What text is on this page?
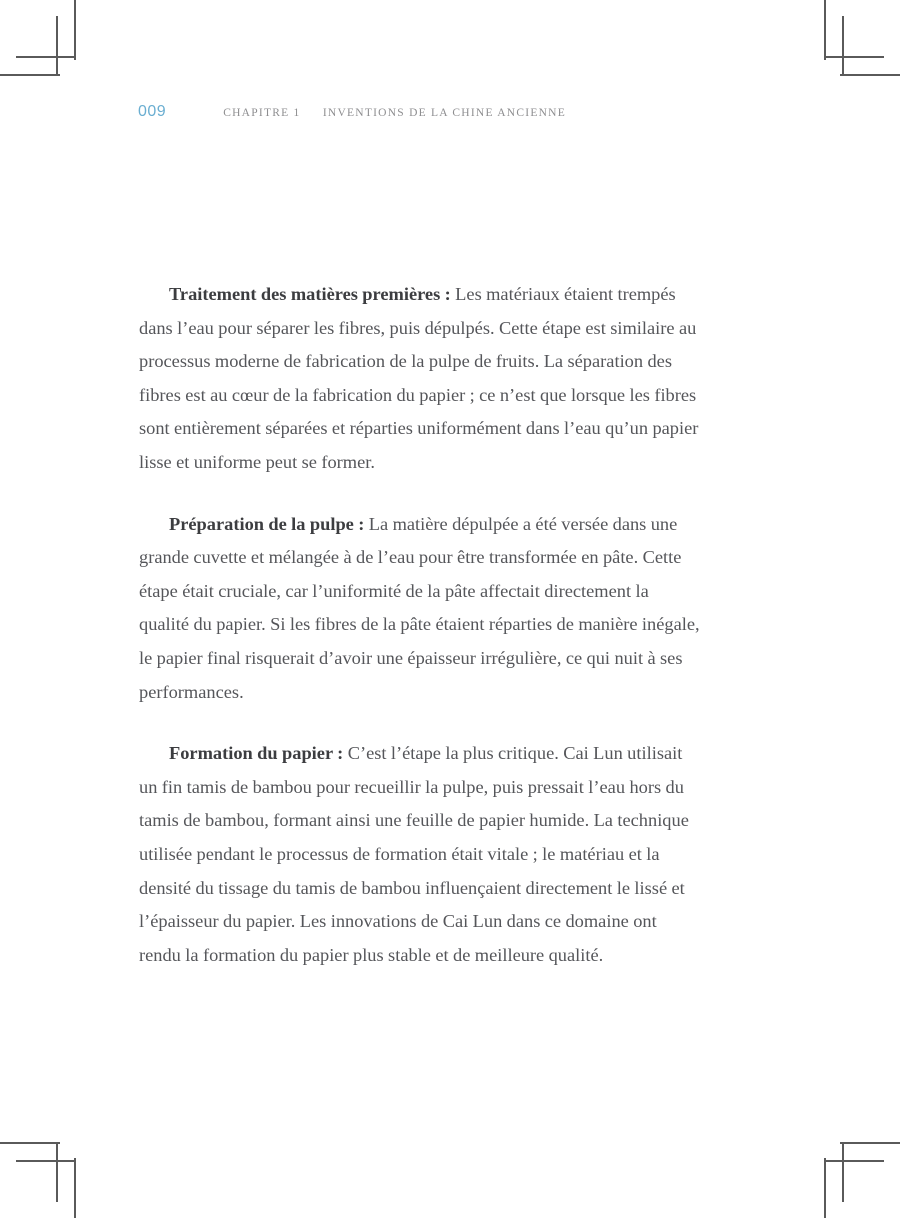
009	CHAPITRE 1 INVENTIONS DE LA CHINE ANCIENNE

Traitement des matières premières : Les matériaux étaient trempés dans l’eau pour séparer les fibres, puis dépulpés. Cette étape est similaire au processus moderne de fabrication de la pulpe de fruits. La séparation des fibres est au cœur de la fabrication du papier ; ce n’est que lorsque les fibres sont entièrement séparées et réparties uniformément dans l’eau qu’un papier lisse et uniforme peut se former.

Préparation de la pulpe : La matière dépulpée a été versée dans une grande cuvette et mélangée à de l’eau pour être transformée en pâte. Cette étape était cruciale, car l’uniformité de la pâte affectait directement la qualité du papier. Si les fibres de la pâte étaient réparties de manière inégale, le papier final risquerait d’avoir une épaisseur irrégulière, ce qui nuit à ses performances.

Formation du papier : C’est l’étape la plus critique. Cai Lun utilisait un fin tamis de bambou pour recueillir la pulpe, puis pressait l’eau hors du tamis de bambou, formant ainsi une feuille de papier humide. La technique utilisée pendant le processus de formation était vitale ; le matériau et la densité du tissage du tamis de bambou influençaient directement le lissé et l’épaisseur du papier. Les innovations de Cai Lun dans ce domaine ont rendu la formation du papier plus stable et de meilleure qualité.
